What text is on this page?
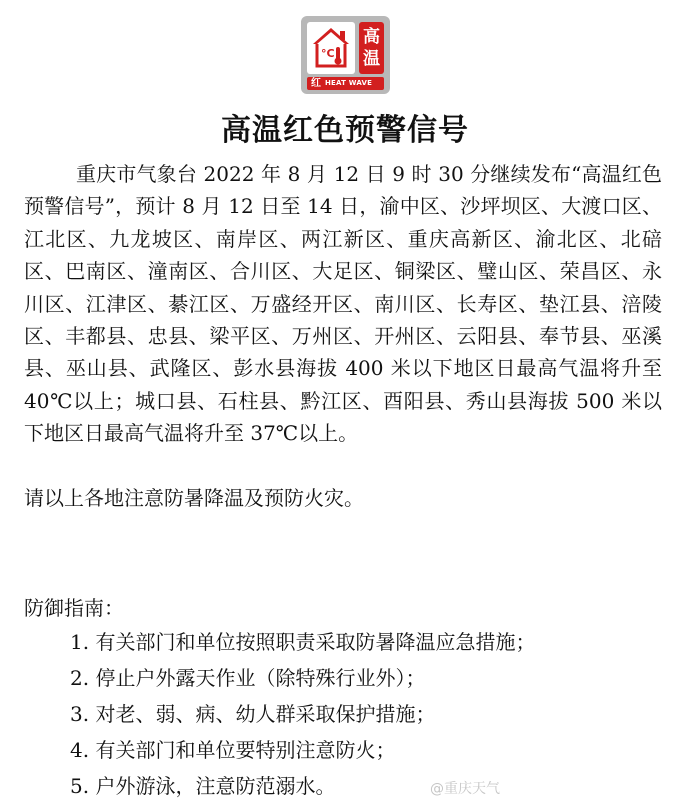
°C
高
温
红 HEAT WAVE
高温红色预警信号
重庆市气象台 2022 年 8 月 12 日 9 时 30 分继续发布“高温红色预警信号”，预计 8 月 12 日至 14 日，渝中区、沙坪坝区、大渡口区、江北区、九龙坡区、南岸区、两江新区、重庆高新区、渝北区、北碚区、巴南区、潼南区、合川区、大足区、铜梁区、璧山区、荣昌区、永川区、江津区、綦江区、万盛经开区、南川区、长寿区、垫江县、涪陵区、丰都县、忠县、梁平区、万州区、开州区、云阳县、奉节县、巫溪县、巫山县、武隆区、彭水县海拔 400 米以下地区日最高气温将升至 40℃以上；城口县、石柱县、黔江区、酉阳县、秀山县海拔 500 米以下地区日最高气温将升至 37℃以上。
请以上各地注意防暑降温及预防火灾。
防御指南：
1. 有关部门和单位按照职责采取防暑降温应急措施；
2. 停止户外露天作业（除特殊行业外）；
3. 对老、弱、病、幼人群采取保护措施；
4. 有关部门和单位要特别注意防火；
5. 户外游泳，注意防范溺水。	@重庆天气
